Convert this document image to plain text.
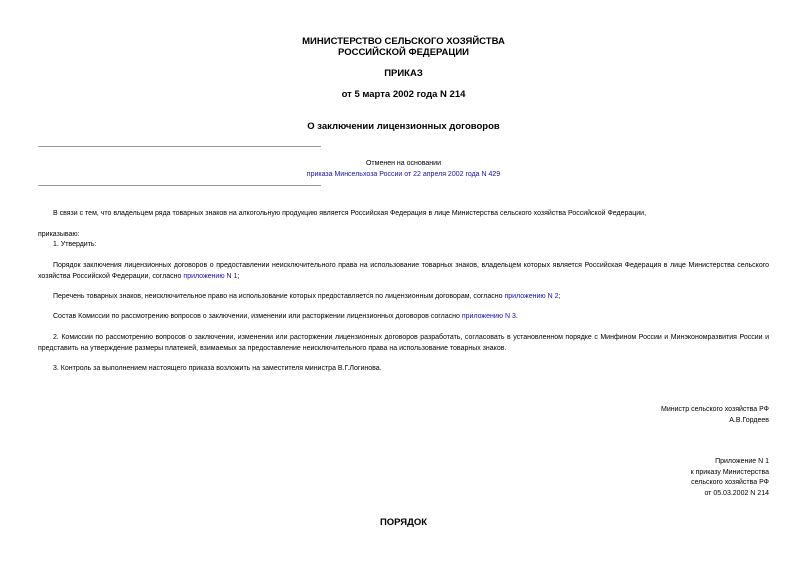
МИНИСТЕРСТВО СЕЛЬСКОГО ХОЗЯЙСТВА
РОССИЙСКОЙ ФЕДЕРАЦИИ
ПРИКАЗ
от 5 марта 2002 года N 214
О заключении лицензионных договоров
Отменен на основании
приказа Минсельхоза России от 22 апреля 2002 года N 429
В связи с тем, что владельцем ряда товарных знаков на алкогольную продукцию является Российская Федерация в лице Министерства сельского хозяйства Российской Федерации,
приказываю:
1. Утвердить:
Порядок заключения лицензионных договоров о предоставлении неисключительного права на использование товарных знаков, владельцем которых является Российская Федерация в лице Министерства сельского хозяйства Российской Федерации, согласно приложению N 1;
Перечень товарных знаков, неисключительное право на использование которых предоставляется по лицензионным договорам, согласно приложению N 2;
Состав Комиссии по рассмотрению вопросов о заключении, изменении или расторжении лицензионных договоров согласно приложению N 3.
2. Комиссии по рассмотрению вопросов о заключении, изменении или расторжении лицензионных договоров разработать, согласовать в установленном порядке с Минфином России и Минэкономразвития России и представить на утверждение размеры платежей, взимаемых за предоставление неисключительного права на использование товарных знаков.
3. Контроль за выполнением настоящего приказа возложить на заместителя министра В.Г.Логинова.
Министр сельского хозяйства РФ
А.В.Гордеев
Приложение N 1
к приказу Министерства
сельского хозяйства РФ
от 05.03.2002 N 214
ПОРЯДОК
